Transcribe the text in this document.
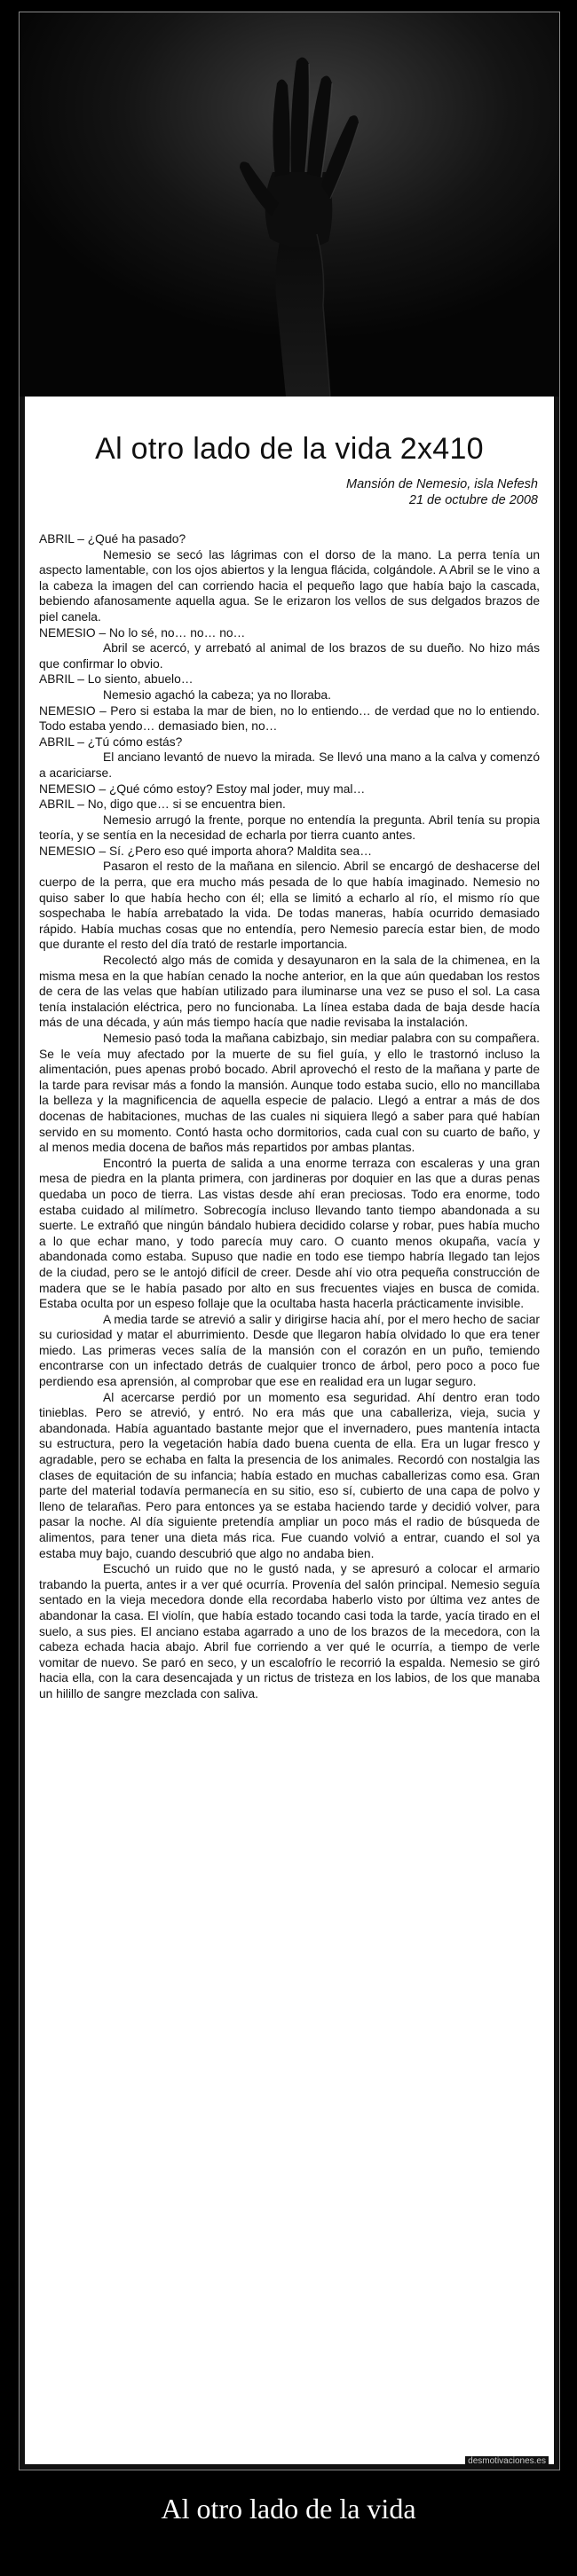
Al otro lado de la vida 2x410
Mansión de Nemesio, isla Nefesh
21 de octubre de 2008

ABRIL – ¿Qué ha pasado?

Nemesio se secó las lágrimas con el dorso de la mano. La perra tenía un aspecto lamentable, con los ojos abiertos y la lengua flácida, colgándole. A Abril se le vino a la cabeza la imagen del can corriendo hacia el pequeño lago que había bajo la cascada, bebiendo afanosamente aquella agua. Se le erizaron los vellos de sus delgados brazos de piel canela.

NEMESIO – No lo sé, no… no… no…

Abril se acercó, y arrebató al animal de los brazos de su dueño. No hizo más que confirmar lo obvio.

ABRIL – Lo siento, abuelo…

Nemesio agachó la cabeza; ya no lloraba.

NEMESIO – Pero si estaba la mar de bien, no lo entiendo… de verdad que no lo entiendo. Todo estaba yendo… demasiado bien, no…

ABRIL – ¿Tú cómo estás?

El anciano levantó de nuevo la mirada. Se llevó una mano a la calva y comenzó a acariciarse.

NEMESIO – ¿Qué cómo estoy? Estoy mal joder, muy mal…

ABRIL – No, digo que… si se encuentra bien.

Nemesio arrugó la frente, porque no entendía la pregunta. Abril tenía su propia teoría, y se sentía en la necesidad de echarla por tierra cuanto antes.

NEMESIO – Sí. ¿Pero eso qué importa ahora? Maldita sea…

Pasaron el resto de la mañana en silencio. Abril se encargó de deshacerse del cuerpo de la perra, que era mucho más pesada de lo que había imaginado. Nemesio no quiso saber lo que había hecho con él; ella se limitó a echarlo al río, el mismo río que sospechaba le había arrebatado la vida. De todas maneras, había ocurrido demasiado rápido. Había muchas cosas que no entendía, pero Nemesio parecía estar bien, de modo que durante el resto del día trató de restarle importancia.

Recolectó algo más de comida y desayunaron en la sala de la chimenea, en la misma mesa en la que habían cenado la noche anterior, en la que aún quedaban los restos de cera de las velas que habían utilizado para iluminarse una vez se puso el sol. La casa tenía instalación eléctrica, pero no funcionaba. La línea estaba dada de baja desde hacía más de una década, y aún más tiempo hacía que nadie revisaba la instalación.

Nemesio pasó toda la mañana cabizbajo, sin mediar palabra con su compañera. Se le veía muy afectado por la muerte de su fiel guía, y ello le trastornó incluso la alimentación, pues apenas probó bocado. Abril aprovechó el resto de la mañana y parte de la tarde para revisar más a fondo la mansión. Aunque todo estaba sucio, ello no mancillaba la belleza y la magnificencia de aquella especie de palacio. Llegó a entrar a más de dos docenas de habitaciones, muchas de las cuales ni siquiera llegó a saber para qué habían servido en su momento. Contó hasta ocho dormitorios, cada cual con su cuarto de baño, y al menos media docena de baños más repartidos por ambas plantas.

Encontró la puerta de salida a una enorme terraza con escaleras y una gran mesa de piedra en la planta primera, con jardineras por doquier en las que a duras penas quedaba un poco de tierra. Las vistas desde ahí eran preciosas. Todo era enorme, todo estaba cuidado al milímetro. Sobrecogía incluso llevando tanto tiempo abandonada a su suerte. Le extrañó que ningún bándalo hubiera decidido colarse y robar, pues había mucho a lo que echar mano, y todo parecía muy caro. O cuanto menos okupaña, vacía y abandonada como estaba. Supuso que nadie en todo ese tiempo habría llegado tan lejos de la ciudad, pero se le antojó difícil de creer. Desde ahí vio otra pequeña construcción de madera que se le había pasado por alto en sus frecuentes viajes en busca de comida. Estaba oculta por un espeso follaje que la ocultaba hasta hacerla prácticamente invisible.

A media tarde se atrevió a salir y dirigirse hacia ahí, por el mero hecho de saciar su curiosidad y matar el aburrimiento. Desde que llegaron había olvidado lo que era tener miedo. Las primeras veces salía de la mansión con el corazón en un puño, temiendo encontrarse con un infectado detrás de cualquier tronco de árbol, pero poco a poco fue perdiendo esa aprensión, al comprobar que ese en realidad era un lugar seguro.

Al acercarse perdió por un momento esa seguridad. Ahí dentro eran todo tinieblas. Pero se atrevió, y entró. No era más que una caballeriza, vieja, sucia y abandonada. Había aguantado bastante mejor que el invernadero, pues mantenía intacta su estructura, pero la vegetación había dado buena cuenta de ella. Era un lugar fresco y agradable, pero se echaba en falta la presencia de los animales. Recordó con nostalgia las clases de equitación de su infancia; había estado en muchas caballerizas como esa. Gran parte del material todavía permanecía en su sitio, eso sí, cubierto de una capa de polvo y lleno de telarañas. Pero para entonces ya se estaba haciendo tarde y decidió volver, para pasar la noche. Al día siguiente pretendía ampliar un poco más el radio de búsqueda de alimentos, para tener una dieta más rica. Fue cuando volvió a entrar, cuando el sol ya estaba muy bajo, cuando descubrió que algo no andaba bien.

Escuchó un ruido que no le gustó nada, y se apresuró a colocar el armario trabando la puerta, antes ir a ver qué ocurría. Provenía del salón principal. Nemesio seguía sentado en la vieja mecedora donde ella recordaba haberlo visto por última vez antes de abandonar la casa. El violín, que había estado tocando casi toda la tarde, yacía tirado en el suelo, a sus pies. El anciano estaba agarrado a uno de los brazos de la mecedora, con la cabeza echada hacia abajo. Abril fue corriendo a ver qué le ocurría, a tiempo de verle vomitar de nuevo. Se paró en seco, y un escalofrío le recorrió la espalda. Nemesio se giró hacia ella, con la cara desencajada y un rictus de tristeza en los labios, de los que manaba un hilillo de sangre mezclada con saliva.

desmotivaciones.es
Al otro lado de la vida
